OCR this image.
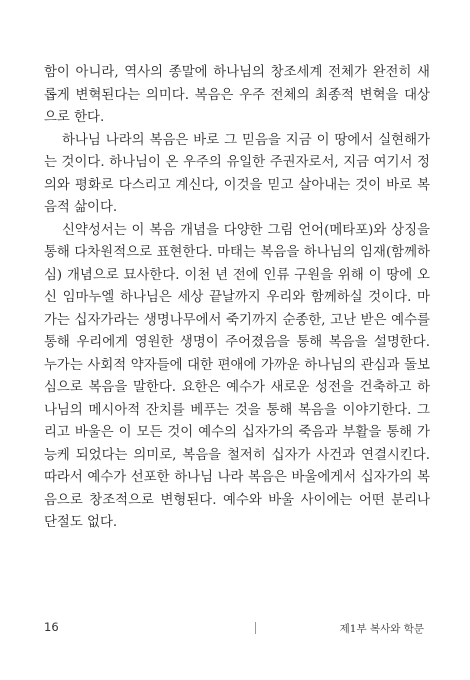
함이 아니라, 역사의 종말에 하나님의 창조세계 전체가 완전히 새
롭게 변혁된다는 의미다. 복음은 우주 전체의 최종적 변혁을 대상
으로 한다.
하나님 나라의 복음은 바로 그 믿음을 지금 이 땅에서 실현해가
는 것이다. 하나님이 온 우주의 유일한 주권자로서, 지금 여기서 정
의와 평화로 다스리고 계신다, 이것을 믿고 살아내는 것이 바로 복
음적 삶이다.
신약성서는 이 복음 개념을 다양한 그림 언어(메타포)와 상징을
통해 다차원적으로 표현한다. 마태는 복음을 하나님의 임재(함께하
심) 개념으로 묘사한다. 이천 년 전에 인류 구원을 위해 이 땅에 오
신 임마누엘 하나님은 세상 끝날까지 우리와 함께하실 것이다. 마
가는 십자가라는 생명나무에서 죽기까지 순종한, 고난 받은 예수를
통해 우리에게 영원한 생명이 주어졌음을 통해 복음을 설명한다.
누가는 사회적 약자들에 대한 편애에 가까운 하나님의 관심과 돌보
심으로 복음을 말한다. 요한은 예수가 새로운 성전을 건축하고 하
나님의 메시아적 잔치를 베푸는 것을 통해 복음을 이야기한다. 그
리고 바울은 이 모든 것이 예수의 십자가의 죽음과 부활을 통해 가
능케 되었다는 의미로, 복음을 철저히 십자가 사건과 연결시킨다.
따라서 예수가 선포한 하나님 나라 복음은 바울에게서 십자가의 복
음으로 창조적으로 변형된다. 예수와 바울 사이에는 어떤 분리나
단절도 없다.
16	제1부 복사와 학문
